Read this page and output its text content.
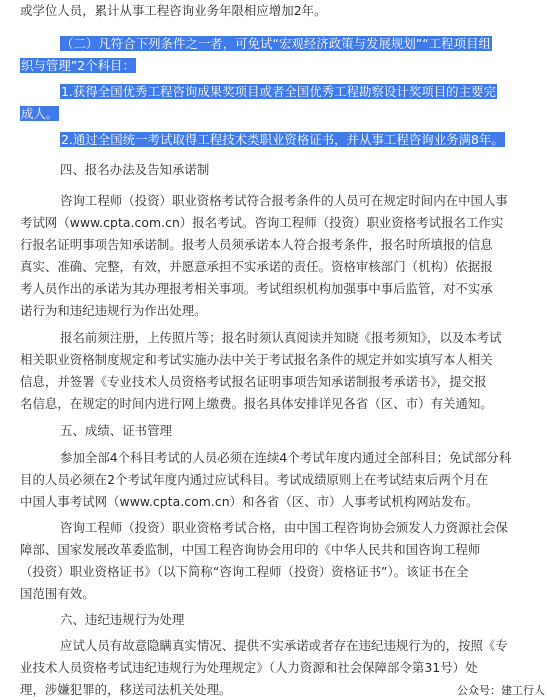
或学位人员，累计从事工程咨询业务年限相应增加2年。
（二）凡符合下列条件之一者，可免试“宏观经济政策与发展规划”“工程项目组
织与管理”2个科目：
1.获得全国优秀工程咨询成果奖项目或者全国优秀工程勘察设计奖项目的主要完
成人。
2.通过全国统一考试取得工程技术类职业资格证书，并从事工程咨询业务满8年。
四、报名办法及告知承诺制
咨询工程师（投资）职业资格考试符合报考条件的人员可在规定时间内在中国人事
考试网（www.cpta.com.cn）报名考试。咨询工程师（投资）职业资格考试报名工作实
行报名证明事项告知承诺制。报考人员须承诺本人符合报考条件，报名时所填报的信息
真实、准确、完整，有效，并愿意承担不实承诺的责任。资格审核部门（机构）依据报
考人员作出的承诺为其办理报考相关事项。考试组织机构加强事中事后监管，对不实承
诺行为和违纪违规行为作出处理。
报名前须注册，上传照片等；报名时须认真阅读并知晓《报考须知》，以及本考试
相关职业资格制度规定和考试实施办法中关于考试报名条件的规定并如实填写本人相关
信息，并签署《专业技术人员资格考试报名证明事项告知承诺制报考承诺书》，提交报
名信息，在规定的时间内进行网上缴费。报名具体安排详见各省（区、市）有关通知。
五、成绩、证书管理
参加全部4个科目考试的人员必须在连续4个考试年度内通过全部科目；免试部分科
目的人员必须在2个考试年度内通过应试科目。考试成绩原则上在考试结束后两个月在
中国人事考试网（www.cpta.com.cn）和各省（区、市）人事考试机构网站发布。
咨询工程师（投资）职业资格考试合格，由中国工程咨询协会颁发人力资源社会保
障部、国家发展改革委监制，中国工程咨询协会用印的《中华人民共和国咨询工程师
（投资）职业资格证书》（以下简称“咨询工程师（投资）资格证书”）。该证书在全
国范围有效。
六、违纪违规行为处理
应试人员有故意隐瞒真实情况、提供不实承诺或者存在违纪违规行为的，按照《专
业技术人员资格考试违纪违规行为处理规定》（人力资源和社会保障部令第31号）处
理，涉嫌犯罪的，移送司法机关处理。	公众号：建工行人
